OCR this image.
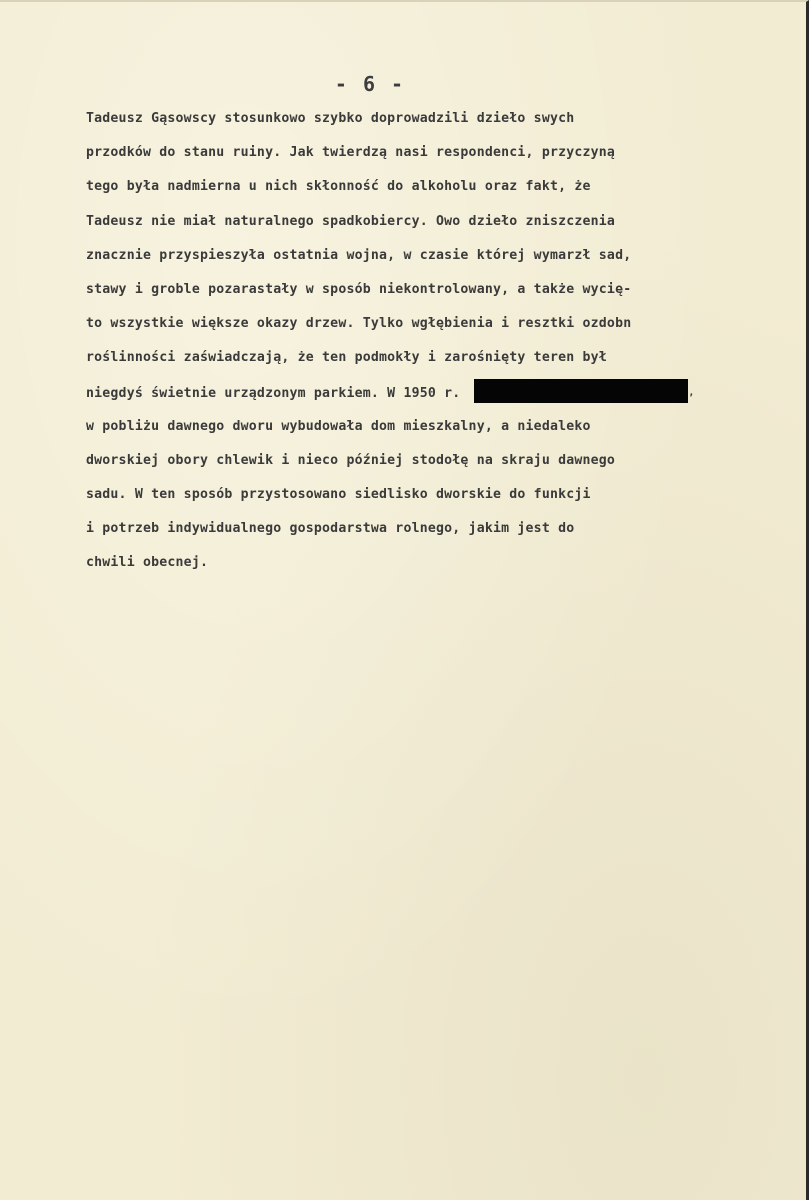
- 6 -
Tadeusz Gąsowscy stosunkowo szybko doprowadzili dzieło swych
przodków do stanu ruiny. Jak twierdzą nasi respondenci, przyczyną
tego była nadmierna u nich skłonność do alkoholu oraz fakt, że
Tadeusz nie miał naturalnego spadkobiercy. Owo dzieło zniszczenia
znacznie przyspieszyła ostatnia wojna, w czasie której wymarzł sad,
stawy i groble pozarastały w sposób niekontrolowany, a także wycię-
to wszystkie większe okazy drzew. Tylko wgłębienia i resztki ozdobn
roślinności zaświadczają, że ten podmokły i zarośnięty teren był
niegdyś świetnie urządzonym parkiem. W 1950 r.	,
w pobliżu dawnego dworu wybudowała dom mieszkalny, a niedaleko
dworskiej obory chlewik i nieco później stodołę na skraju dawnego
sadu. W ten sposób przystosowano siedlisko dworskie do funkcji
i potrzeb indywidualnego gospodarstwa rolnego, jakim jest do
chwili obecnej.
